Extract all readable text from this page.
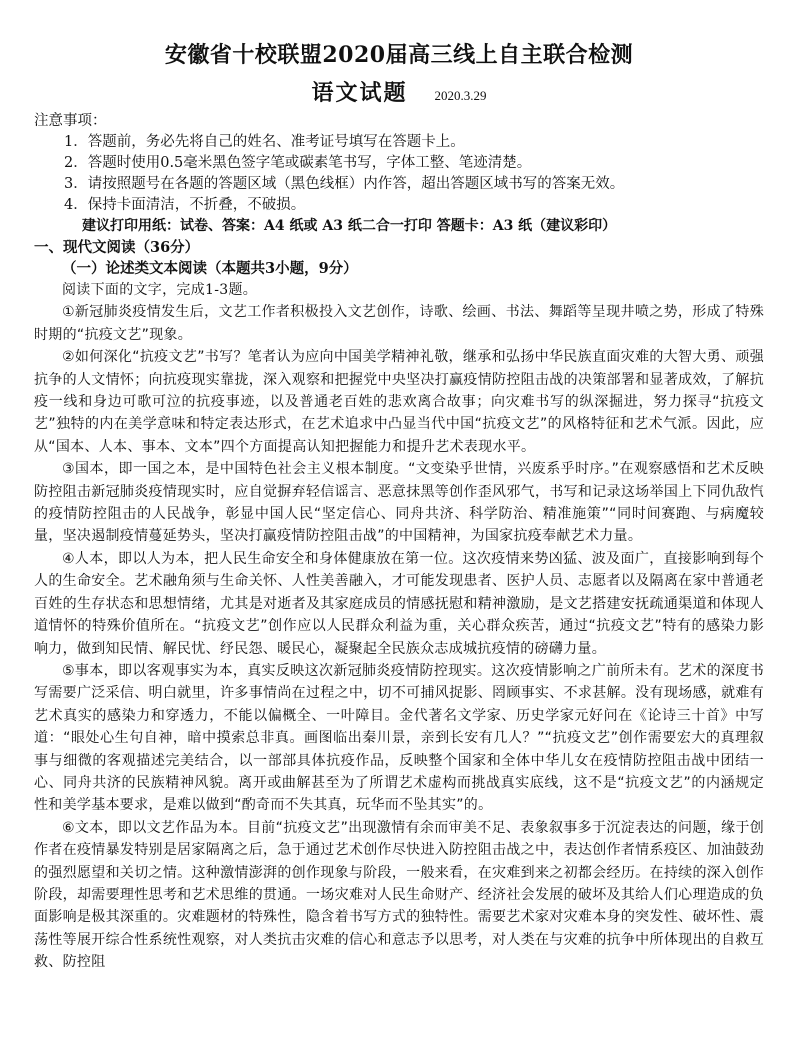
安徽省十校联盟2020届高三线上自主联合检测
语文试题 2020.3.29
注意事项：
1．答题前，务必先将自己的姓名、准考证号填写在答题卡上。
2．答题时使用0.5毫米黑色签字笔或碳素笔书写，字体工整、笔迹清楚。
3．请按照题号在各题的答题区域（黑色线框）内作答，超出答题区域书写的答案无效。
4．保持卡面清洁，不折叠，不破损。
建议打印用纸：试卷、答案：A4 纸或 A3 纸二合一打印 答题卡：A3 纸（建议彩印）
一、现代文阅读（36分）
（一）论述类文本阅读（本题共3小题，9分）

阅读下面的文字，完成1-3题。

①新冠肺炎疫情发生后，文艺工作者积极投入文艺创作，诗歌、绘画、书法、舞蹈等呈现井喷之势，形成了特殊时期的“抗疫文艺”现象。

②如何深化“抗疫文艺”书写？笔者认为应向中国美学精神礼敬，继承和弘扬中华民族直面灾难的大智大勇、顽强抗争的人文情怀；向抗疫现实靠拢，深入观察和把握党中央坚决打赢疫情防控阻击战的决策部署和显著成效，了解抗疫一线和身边可歌可泣的抗疫事迹，以及普通老百姓的悲欢离合故事；向灾难书写的纵深掘进，努力探寻“抗疫文艺”独特的内在美学意味和特定表达形式，在艺术追求中凸显当代中国“抗疫文艺”的风格特征和艺术气派。因此，应从“国本、人本、事本、文本”四个方面提高认知把握能力和提升艺术表现水平。

③国本，即一国之本，是中国特色社会主义根本制度。“文变染乎世情，兴废系乎时序。”在观察感悟和艺术反映防控阻击新冠肺炎疫情现实时，应自觉摒弃轻信谣言、恶意抹黑等创作歪风邪气，书写和记录这场举国上下同仇敌忾的疫情防控阻击的人民战争，彰显中国人民“坚定信心、同舟共济、科学防治、精准施策”“同时间赛跑、与病魔较量，坚决遏制疫情蔓延势头，坚决打赢疫情防控阻击战”的中国精神，为国家抗疫奉献艺术力量。

④人本，即以人为本，把人民生命安全和身体健康放在第一位。这次疫情来势凶猛、波及面广，直接影响到每个人的生命安全。艺术融角须与生命关怀、人性美善融入，才可能发现患者、医护人员、志愿者以及隔离在家中普通老百姓的生存状态和思想情绪，尤其是对逝者及其家庭成员的情感抚慰和精神激励，是文艺搭建安抚疏通渠道和体现人道情怀的特殊价值所在。“抗疫文艺”创作应以人民群众利益为重，关心群众疾苦，通过“抗疫文艺”特有的感染力影响力，做到知民情、解民忧、纾民怨、暖民心，凝聚起全民族众志成城抗疫情的磅礴力量。

⑤事本，即以客观事实为本，真实反映这次新冠肺炎疫情防控现实。这次疫情影响之广前所未有。艺术的深度书写需要广泛采信、明白就里，许多事情尚在过程之中，切不可捕风捉影、罔顾事实、不求甚解。没有现场感，就难有艺术真实的感染力和穿透力，不能以偏概全、一叶障目。金代著名文学家、历史学家元好问在《论诗三十首》中写道：“眼处心生句自神，暗中摸索总非真。画图临出秦川景，亲到长安有几人？”“抗疫文艺”创作需要宏大的真理叙事与细微的客观描述完美结合，以一部部具体抗疫作品，反映整个国家和全体中华儿女在疫情防控阻击战中团结一心、同舟共济的民族精神风貌。离开或曲解甚至为了所谓艺术虚构而挑战真实底线，这不是“抗疫文艺”的内涵规定性和美学基本要求，是难以做到“酌奇而不失其真，玩华而不坠其实”的。

⑥文本，即以文艺作品为本。目前“抗疫文艺”出现激情有余而审美不足、表象叙事多于沉淀表达的问题，缘于创作者在疫情暴发特别是居家隔离之后，急于通过艺术创作尽快进入防控阻击战之中，表达创作者情系疫区、加油鼓劲的强烈愿望和关切之情。这种激情澎湃的创作现象与阶段，一般来看，在灾难到来之初都会经历。在持续的深入创作阶段，却需要理性思考和艺术思维的贯通。一场灾难对人民生命财产、经济社会发展的破坏及其给人们心理造成的负面影响是极其深重的。灾难题材的特殊性，隐含着书写方式的独特性。需要艺术家对灾难本身的突发性、破坏性、震荡性等展开综合性系统性观察，对人类抗击灾难的信心和意志予以思考，对人类在与灾难的抗争中所体现出的自救互救、防控阻
